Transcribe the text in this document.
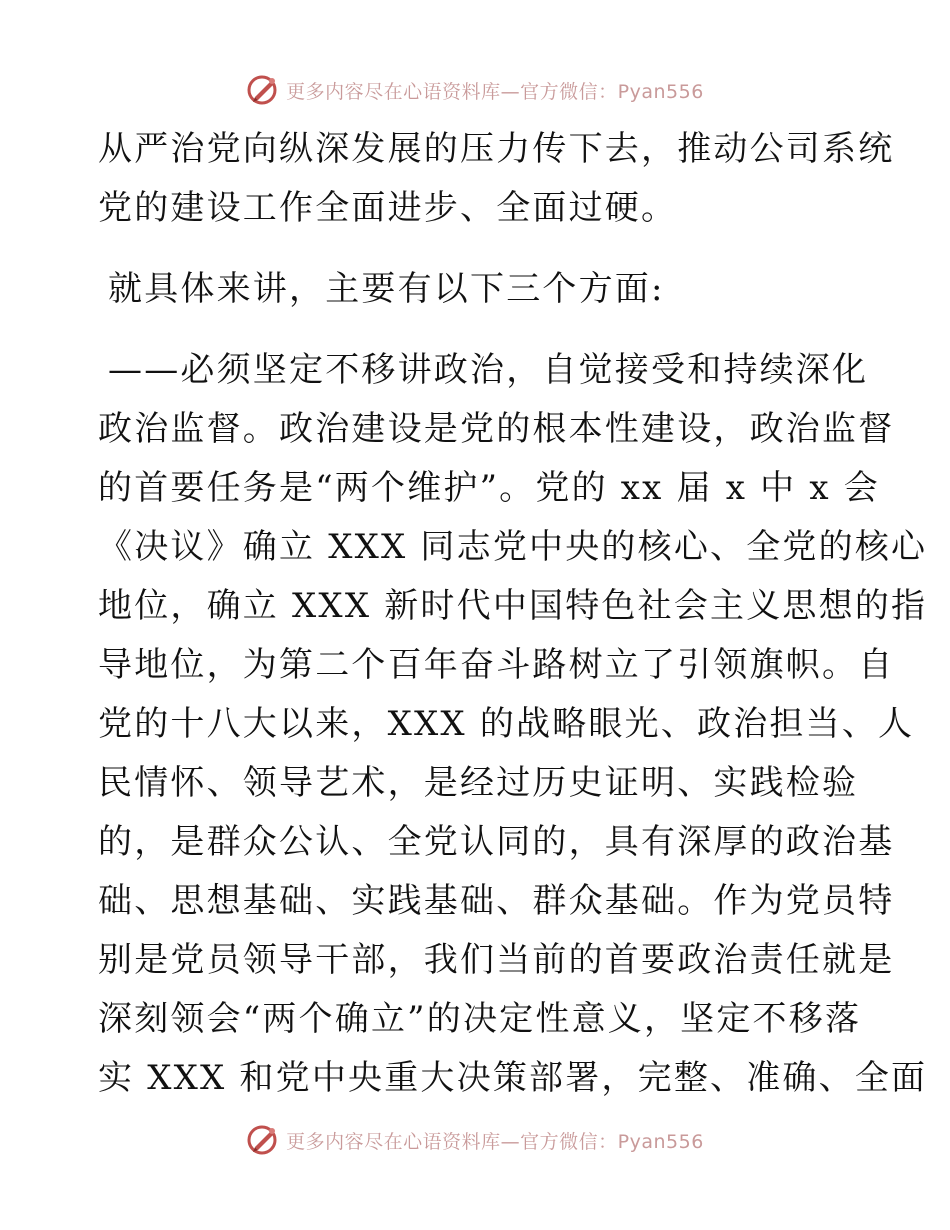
更多内容尽在心语资料库—官方微信：Pyan556
从严治党向纵深发展的压力传下去，推动公司系统
党的建设工作全面进步、全面过硬。
就具体来讲，主要有以下三个方面:
——必须坚定不移讲政治，自觉接受和持续深化
政治监督。政治建设是党的根本性建设，政治监督
的首要任务是“两个维护”。党的 xx 届 x 中 x 会
《决议》确立 XXX 同志党中央的核心、全党的核心
地位，确立 XXX 新时代中国特色社会主义思想的指
导地位，为第二个百年奋斗路树立了引领旗帜。自
党的十八大以来，XXX 的战略眼光、政治担当、人
民情怀、领导艺术，是经过历史证明、实践检验
的，是群众公认、全党认同的，具有深厚的政治基
础、思想基础、实践基础、群众基础。作为党员特
别是党员领导干部，我们当前的首要政治责任就是
深刻领会“两个确立”的决定性意义，坚定不移落
实 XXX 和党中央重大决策部署，完整、准确、全面
更多内容尽在心语资料库—官方微信：Pyan556
